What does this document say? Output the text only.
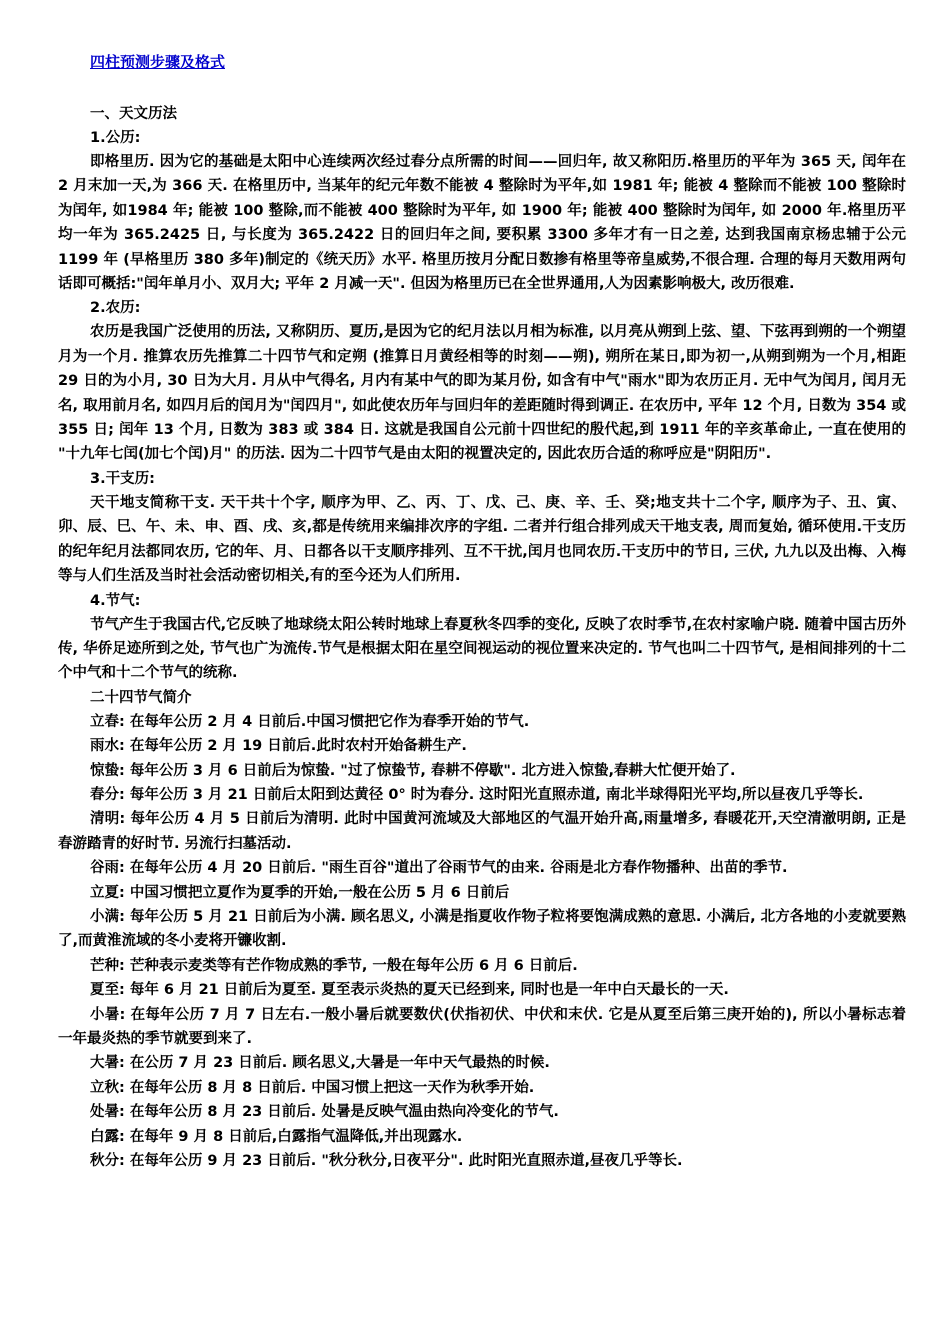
四柱预测步骤及格式
一、天文历法
1.公历:

即格里历. 因为它的基础是太阳中心连续两次经过春分点所需的时间——回归年, 故又称阳历.格里历的平年为 365 天, 闰年在 2 月末加一天,为 366 天. 在格里历中, 当某年的纪元年数不能被 4 整除时为平年,如 1981 年; 能被 4 整除而不能被 100 整除时为闰年, 如1984 年; 能被 100 整除,而不能被 400 整除时为平年, 如 1900 年; 能被 400 整除时为闰年, 如 2000 年.格里历平均一年为 365.2425 日, 与长度为 365.2422 日的回归年之间, 要积累 3300 多年才有一日之差, 达到我国南京杨忠辅于公元 1199 年 (早格里历 380 多年)制定的《统天历》水平. 格里历按月分配日数掺有格里等帝皇威势,不很合理. 合理的每月天数用两句话即可概括:"闰年单月小、双月大; 平年 2 月减一天". 但因为格里历已在全世界通用,人为因素影响极大, 改历很难.

2.农历:

农历是我国广泛使用的历法, 又称阴历、夏历,是因为它的纪月法以月相为标准, 以月亮从朔到上弦、望、下弦再到朔的一个朔望月为一个月. 推算农历先推算二十四节气和定朔 (推算日月黄经相等的时刻——朔), 朔所在某日,即为初一,从朔到朔为一个月,相距 29 日的为小月, 30 日为大月. 月从中气得名, 月内有某中气的即为某月份, 如含有中气"雨水"即为农历正月. 无中气为闰月, 闰月无名, 取用前月名, 如四月后的闰月为"闰四月", 如此使农历年与回归年的差距随时得到调正. 在农历中, 平年 12 个月, 日数为 354 或 355 日; 闰年 13 个月, 日数为 383 或 384 日. 这就是我国自公元前十四世纪的殷代起,到 1911 年的辛亥革命止, 一直在使用的 "十九年七闰(加七个闰)月" 的历法. 因为二十四节气是由太阳的视置决定的, 因此农历合适的称呼应是"阴阳历".

3.干支历:

天干地支简称干支. 天干共十个字, 顺序为甲、乙、丙、丁、戊、己、庚、辛、壬、癸;地支共十二个字, 顺序为子、丑、寅、卯、辰、巳、午、未、申、酉、戌、亥,都是传统用来编排次序的字组. 二者并行组合排列成天干地支表, 周而复始, 循环使用.干支历的纪年纪月法都同农历, 它的年、月、日都各以干支顺序排列、互不干扰,闰月也同农历.干支历中的节日, 三伏, 九九以及出梅、入梅等与人们生活及当时社会活动密切相关,有的至今还为人们所用.

4.节气:

节气产生于我国古代,它反映了地球绕太阳公转时地球上春夏秋冬四季的变化, 反映了农时季节,在农村家喻户晓. 随着中国古历外传, 华侨足迹所到之处, 节气也广为流传.节气是根据太阳在星空间视运动的视位置来决定的. 节气也叫二十四节气, 是相间排列的十二个中气和十二个节气的统称.

二十四节气简介

立春: 在每年公历 2 月 4 日前后.中国习惯把它作为春季开始的节气.

雨水: 在每年公历 2 月 19 日前后.此时农村开始备耕生产.

惊蛰: 每年公历 3 月 6 日前后为惊蛰. "过了惊蛰节, 春耕不停歇". 北方进入惊蛰,春耕大忙便开始了.

春分: 每年公历 3 月 21 日前后太阳到达黄径 0° 时为春分. 这时阳光直照赤道, 南北半球得阳光平均,所以昼夜几乎等长.

清明: 每年公历 4 月 5 日前后为清明. 此时中国黄河流域及大部地区的气温开始升高,雨量增多, 春暖花开,天空清澈明朗, 正是春游踏青的好时节. 另流行扫墓活动.

谷雨: 在每年公历 4 月 20 日前后. "雨生百谷"道出了谷雨节气的由来. 谷雨是北方春作物播种、出苗的季节.

立夏: 中国习惯把立夏作为夏季的开始,一般在公历 5 月 6 日前后

小满: 每年公历 5 月 21 日前后为小满. 顾名思义, 小满是指夏收作物子粒将要饱满成熟的意思. 小满后, 北方各地的小麦就要熟了,而黄淮流域的冬小麦将开镰收割.

芒种: 芒种表示麦类等有芒作物成熟的季节, 一般在每年公历 6 月 6 日前后.

夏至: 每年 6 月 21 日前后为夏至. 夏至表示炎热的夏天已经到来, 同时也是一年中白天最长的一天.

小暑: 在每年公历 7 月 7 日左右.一般小暑后就要数伏(伏指初伏、中伏和末伏. 它是从夏至后第三庚开始的), 所以小暑标志着一年最炎热的季节就要到来了.

大暑: 在公历 7 月 23 日前后. 顾名思义,大暑是一年中天气最热的时候.

立秋: 在每年公历 8 月 8 日前后. 中国习惯上把这一天作为秋季开始.

处暑: 在每年公历 8 月 23 日前后. 处暑是反映气温由热向冷变化的节气.

白露: 在每年 9 月 8 日前后,白露指气温降低,并出现露水.

秋分: 在每年公历 9 月 23 日前后. "秋分秋分,日夜平分". 此时阳光直照赤道,昼夜几乎等长.
